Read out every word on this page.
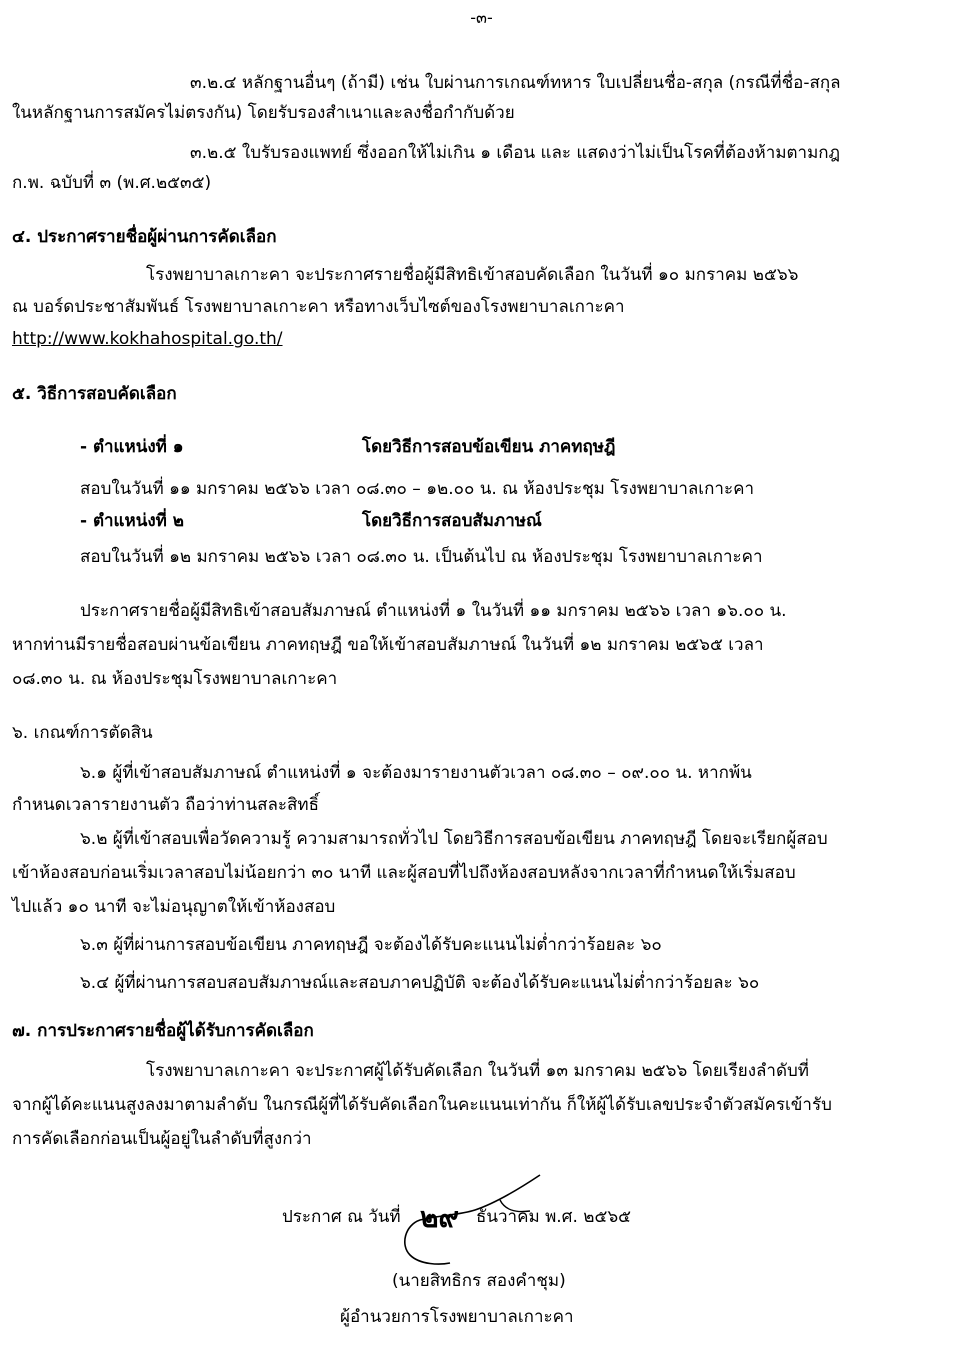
-๓-
๓.๒.๔ หลักฐานอื่นๆ (ถ้ามี) เช่น ใบผ่านการเกณฑ์ทหาร ใบเปลี่ยนชื่อ-สกุล (กรณีที่ชื่อ-สกุล
ในหลักฐานการสมัครไม่ตรงกัน) โดยรับรองสำเนาและลงชื่อกำกับด้วย
๓.๒.๕ ใบรับรองแพทย์ ซึ่งออกให้ไม่เกิน ๑ เดือน และ แสดงว่าไม่เป็นโรคที่ต้องห้ามตามกฎ
ก.พ. ฉบับที่ ๓ (พ.ศ.๒๕๓๕)
๔. ประกาศรายชื่อผู้ผ่านการคัดเลือก
โรงพยาบาลเกาะคา จะประกาศรายชื่อผู้มีสิทธิเข้าสอบคัดเลือก ในวันที่ ๑๐ มกราคม ๒๕๖๖
ณ บอร์ดประชาสัมพันธ์ โรงพยาบาลเกาะคา หรือทางเว็บไซต์ของโรงพยาบาลเกาะคา
http://www.kokhahospital.go.th/
๕. วิธีการสอบคัดเลือก
- ตำแหน่งที่ ๑	โดยวิธีการสอบข้อเขียน ภาคทฤษฎี
สอบในวันที่ ๑๑ มกราคม ๒๕๖๖ เวลา ๐๘.๓๐ – ๑๒.๐๐ น. ณ ห้องประชุม โรงพยาบาลเกาะคา
- ตำแหน่งที่ ๒	โดยวิธีการสอบสัมภาษณ์
สอบในวันที่ ๑๒ มกราคม ๒๕๖๖ เวลา ๐๘.๓๐ น. เป็นต้นไป ณ ห้องประชุม โรงพยาบาลเกาะคา
ประกาศรายชื่อผู้มีสิทธิเข้าสอบสัมภาษณ์ ตำแหน่งที่ ๑ ในวันที่ ๑๑ มกราคม ๒๕๖๖ เวลา ๑๖.๐๐ น.
หากท่านมีรายชื่อสอบผ่านข้อเขียน ภาคทฤษฎี ขอให้เข้าสอบสัมภาษณ์ ในวันที่ ๑๒ มกราคม ๒๕๖๕ เวลา
๐๘.๓๐ น. ณ ห้องประชุมโรงพยาบาลเกาะคา
๖. เกณฑ์การตัดสิน
๖.๑ ผู้ที่เข้าสอบสัมภาษณ์ ตำแหน่งที่ ๑ จะต้องมารายงานตัวเวลา ๐๘.๓๐ – ๐๙.๐๐ น. หากพ้น
กำหนดเวลารายงานตัว ถือว่าท่านสละสิทธิ์
๖.๒ ผู้ที่เข้าสอบเพื่อวัดความรู้ ความสามารถทั่วไป โดยวิธีการสอบข้อเขียน ภาคทฤษฎี โดยจะเรียกผู้สอบ
เข้าห้องสอบก่อนเริ่มเวลาสอบไม่น้อยกว่า ๓๐ นาที และผู้สอบที่ไปถึงห้องสอบหลังจากเวลาที่กำหนดให้เริ่มสอบ
ไปแล้ว ๑๐ นาที จะไม่อนุญาตให้เข้าห้องสอบ
๖.๓ ผู้ที่ผ่านการสอบข้อเขียน ภาคทฤษฎี จะต้องได้รับคะแนนไม่ต่ำกว่าร้อยละ ๖๐
๖.๔ ผู้ที่ผ่านการสอบสอบสัมภาษณ์และสอบภาคปฏิบัติ จะต้องได้รับคะแนนไม่ต่ำกว่าร้อยละ ๖๐
๗. การประกาศรายชื่อผู้ได้รับการคัดเลือก
โรงพยาบาลเกาะคา จะประกาศผู้ได้รับคัดเลือก ในวันที่ ๑๓ มกราคม ๒๕๖๖ โดยเรียงลำดับที่
จากผู้ได้คะแนนสูงลงมาตามลำดับ ในกรณีผู้ที่ได้รับคัดเลือกในคะแนนเท่ากัน ก็ให้ผู้ได้รับเลขประจำตัวสมัครเข้ารับ
การคัดเลือกก่อนเป็นผู้อยู่ในลำดับที่สูงกว่า
ประกาศ ณ วันที่ ๒๙ ธันวาคม พ.ศ. ๒๕๖๕
(นายสิทธิกร สองคำชุม)
ผู้อำนวยการโรงพยาบาลเกาะคา
